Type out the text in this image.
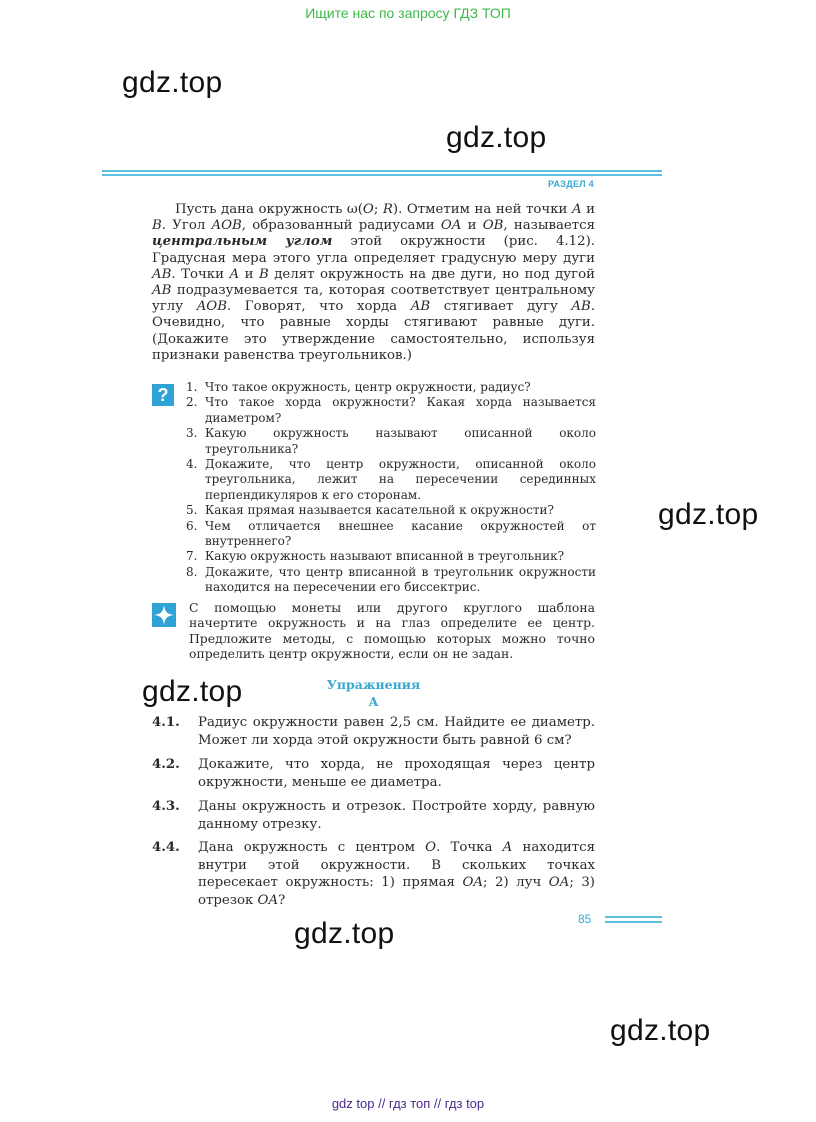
Ищите нас по запросу ГДЗ ТОП
gdz.top
gdz.top
gdz.top
gdz.top
gdz.top
gdz.top
РАЗДЕЛ 4
Пусть дана окружность ω(O; R). Отметим на ней точки A и B. Угол AOB, образованный радиусами OA и OB, называется центральным углом этой окружности (рис. 4.12). Градусная мера этого угла определяет градусную меру дуги AB. Точки A и B делят окружность на две дуги, но под дугой AB подразумевается та, которая соответствует центральному углу AOB. Говорят, что хорда AB стягивает дугу AB. Очевидно, что равные хорды стягивают равные дуги. (Докажите это утверждение самостоятельно, используя признаки равенства треугольников.)
?	1. Что такое окружность, центр окружности, радиус?
2. Что такое хорда окружности? Какая хорда называется диаметром?
3. Какую окружность называют описанной около треугольника?
4. Докажите, что центр окружности, описанной около треугольника, лежит на пересечении серединных перпендикуляров к его сторонам.
5. Какая прямая называется касательной к окружности?
6. Чем отличается внешнее касание окружностей от внутреннего?
7. Какую окружность называют вписанной в треугольник?
8. Докажите, что центр вписанной в треугольник окружности находится на пересечении его биссектрис.
С помощью монеты или другого круглого шаблона начертите окружность и на глаз определите ее центр. Предложите методы, с помощью которых можно точно определить центр окружности, если он не задан.
Упражнения
A
4.1.	Радиус окружности равен 2,5 см. Найдите ее диаметр. Может ли хорда этой окружности быть равной 6 см?
4.2.	Докажите, что хорда, не проходящая через центр окружности, меньше ее диаметра.
4.3.	Даны окружность и отрезок. Постройте хорду, равную данному отрезку.
4.4.	Дана окружность с центром O. Точка A находится внутри этой окружности. В скольких точках пересекает окружность: 1) прямая OA; 2) луч OA; 3) отрезок OA?
85
gdz top // гдз топ // гдз top
